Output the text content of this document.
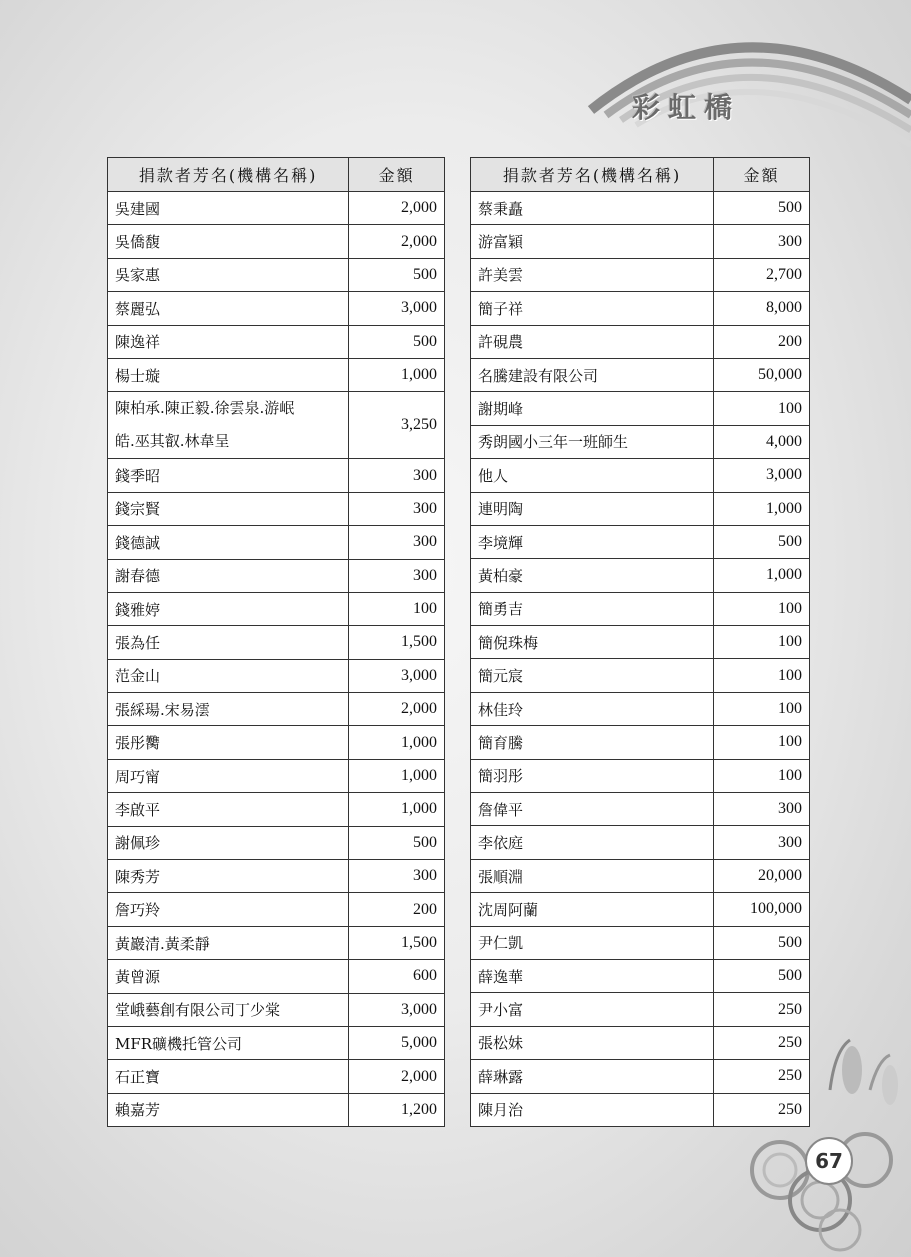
彩虹橋
捐款者芳名(機構名稱)	金額
吳建國	2,000
吳僑馥	2,000
吳家惠	500
蔡麗弘	3,000
陳逸祥	500
楊士璇	1,000

陳柏承.陳正毅.徐雲泉.游岷
皓.巫其叡.林韋呈	3,250
錢季昭	300
錢宗賢	300
錢德誠	300
謝春德	300
錢雅婷	100
張為任	1,500
范金山	3,000
張綵瑒.宋易澐	2,000
張彤臡	1,000
周巧甯	1,000
李啟平	1,000
謝佩珍	500
陳秀芳	300
詹巧羚	200
黃巖清.黃柔靜	1,500
黃曾源	600
堂峨藝創有限公司丁少棠	3,000
MFR礦機托管公司	5,000
石正寶	2,000
賴嘉芳	1,200
捐款者芳名(機構名稱)	金額
蔡秉矗	500
游富穎	300
許美雲	2,700
簡子祥	8,000
許硯農	200
名騰建設有限公司	50,000
謝期峰	100
秀朗國小三年一班師生	4,000
他人	3,000
連明陶	1,000
李境輝	500
黃柏豪	1,000
簡勇吉	100
簡倪珠梅	100
簡元宸	100
林佳玲	100
簡育騰	100
簡羽彤	100
詹偉平	300
李依庭	300
張順淵	20,000
沈周阿蘭	100,000
尹仁凱	500
薛逸華	500
尹小富	250
張松妹	250
薛琳露	250
陳月治	250
67
